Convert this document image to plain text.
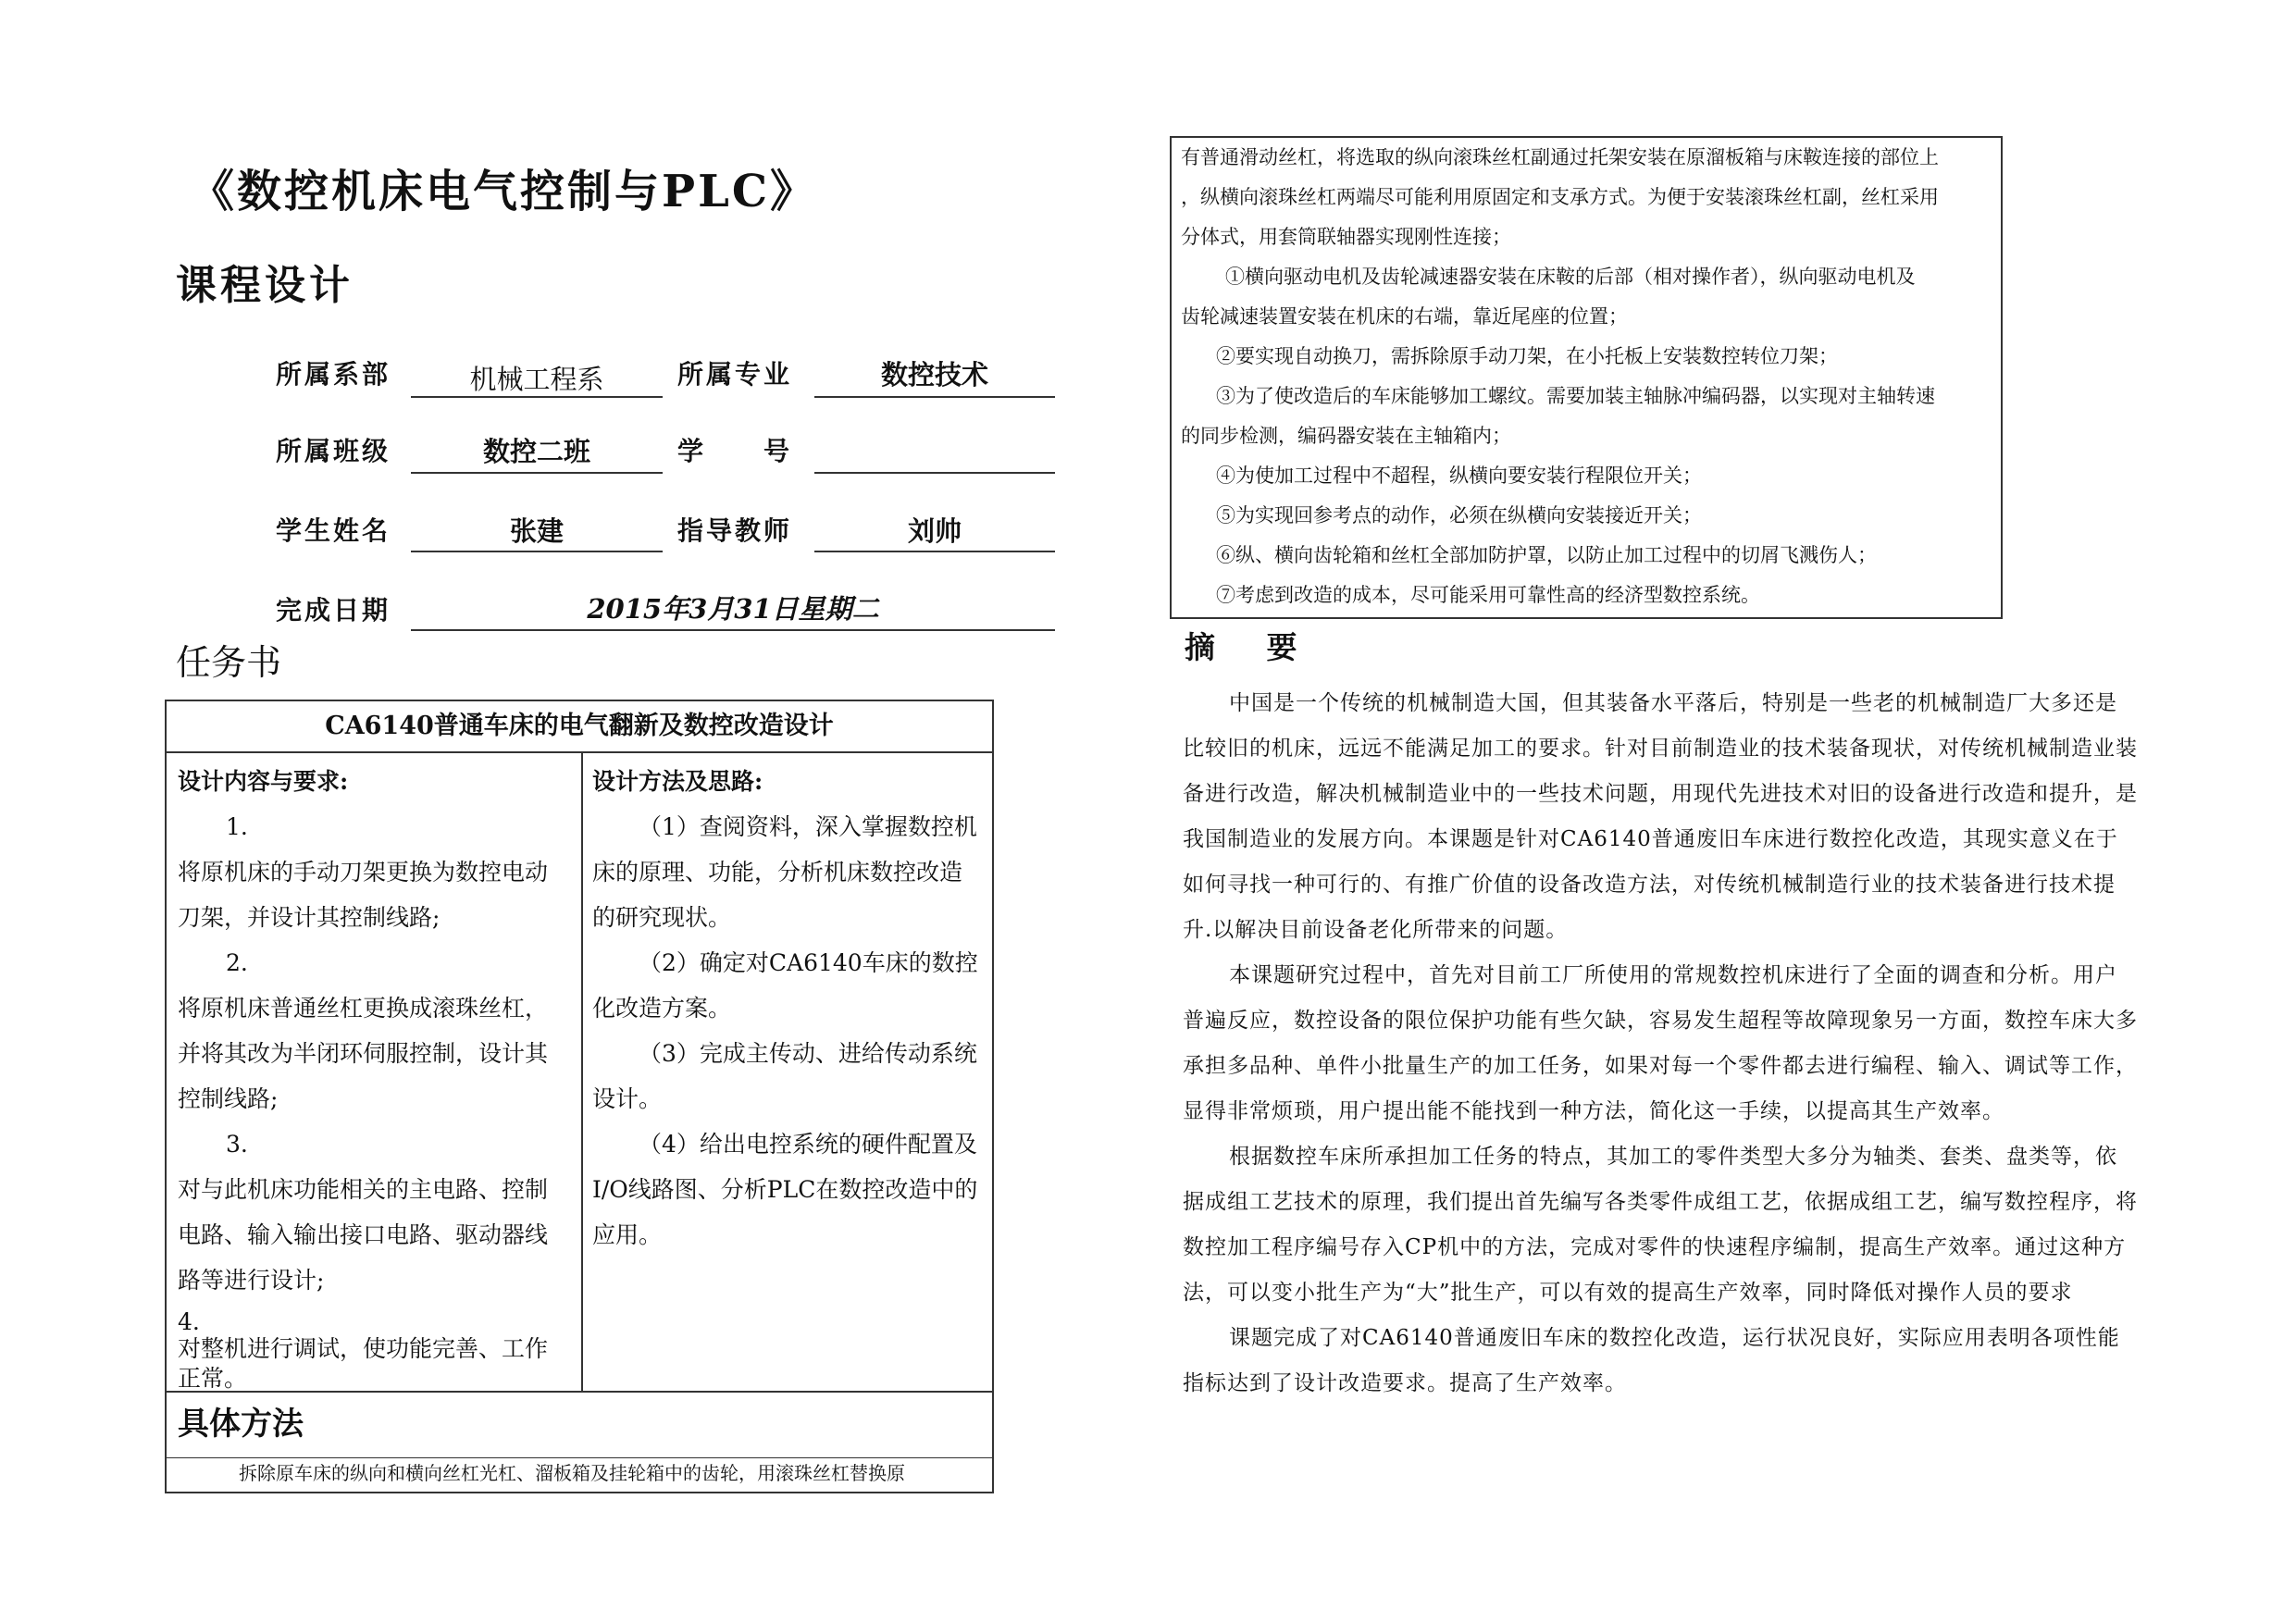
《数控机床电气控制与PLC》
课程设计
所属系部	机械工程系	所属专业	数控技术
所属班级	数控二班	学　　号
学生姓名	张建	指导教师	刘帅
完成日期	2015年3月31日星期二
任务书
CA6140普通车床的电气翻新及数控改造设计

设计内容与要求:

1.

将原机床的手动刀架更换为数控电动刀架，并设计其控制线路;

2.

将原机床普通丝杠更换成滚珠丝杠，并将其改为半闭环伺服控制，设计其控制线路;

3.

对与此机床功能相关的主电路、控制电路、输入输出接口电路、驱动器线路等进行设计;

4.

对整机进行调试，使功能完善、工作正常。

设计方法及思路:

（1）查阅资料，深入掌握数控机床的原理、功能，分析机床数控改造的研究现状。

（2）确定对CA6140车床的数控化改造方案。

（3）完成主传动、进给传动系统设计。

（4）给出电控系统的硬件配置及I/O线路图、分析PLC在数控改造中的应用。

具体方法
拆除原车床的纵向和横向丝杠光杠、溜板箱及挂轮箱中的齿轮，用滚珠丝杠替换原

有普通滑动丝杠，将选取的纵向滚珠丝杠副通过托架安装在原溜板箱与床鞍连接的部位上

，纵横向滚珠丝杠两端尽可能利用原固定和支承方式。为便于安装滚珠丝杠副，丝杠采用

分体式，用套筒联轴器实现刚性连接；

①横向驱动电机及齿轮减速器安装在床鞍的后部（相对操作者），纵向驱动电机及

齿轮减速装置安装在机床的右端，靠近尾座的位置；

②要实现自动换刀，需拆除原手动刀架，在小托板上安装数控转位刀架；

③为了使改造后的车床能够加工螺纹。需要加装主轴脉冲编码器，以实现对主轴转速

的同步检测，编码器安装在主轴箱内；

④为使加工过程中不超程，纵横向要安装行程限位开关；

⑤为实现回参考点的动作，必须在纵横向安装接近开关；

⑥纵、横向齿轮箱和丝杠全部加防护罩，以防止加工过程中的切屑飞溅伤人；

⑦考虑到改造的成本，尽可能采用可靠性高的经济型数控系统。

摘 要

中国是一个传统的机械制造大国，但其装备水平落后，特别是一些老的机械制造厂大多还是比较旧的机床，远远不能满足加工的要求。针对目前制造业的技术装备现状，对传统机械制造业装备进行改造，解决机械制造业中的一些技术问题，用现代先进技术对旧的设备进行改造和提升，是我国制造业的发展方向。本课题是针对CA6140普通废旧车床进行数控化改造，其现实意义在于如何寻找一种可行的、有推广价值的设备改造方法，对传统机械制造行业的技术装备进行技术提升.以解决目前设备老化所带来的问题。

本课题研究过程中，首先对目前工厂所使用的常规数控机床进行了全面的调查和分析。用户普遍反应，数控设备的限位保护功能有些欠缺，容易发生超程等故障现象另一方面，数控车床大多承担多品种、单件小批量生产的加工任务，如果对每一个零件都去进行编程、输入、调试等工作，显得非常烦琐，用户提出能不能找到一种方法，简化这一手续，以提高其生产效率。

根据数控车床所承担加工任务的特点，其加工的零件类型大多分为轴类、套类、盘类等，依据成组工艺技术的原理，我们提出首先编写各类零件成组工艺，依据成组工艺，编写数控程序，将数控加工程序编号存入CP机中的方法，完成对零件的快速程序编制，提高生产效率。通过这种方法，可以变小批生产为“大”批生产，可以有效的提高生产效率，同时降低对操作人员的要求

课题完成了对CA6140普通废旧车床的数控化改造，运行状况良好，实际应用表明各项性能指标达到了设计改造要求。提高了生产效率。
